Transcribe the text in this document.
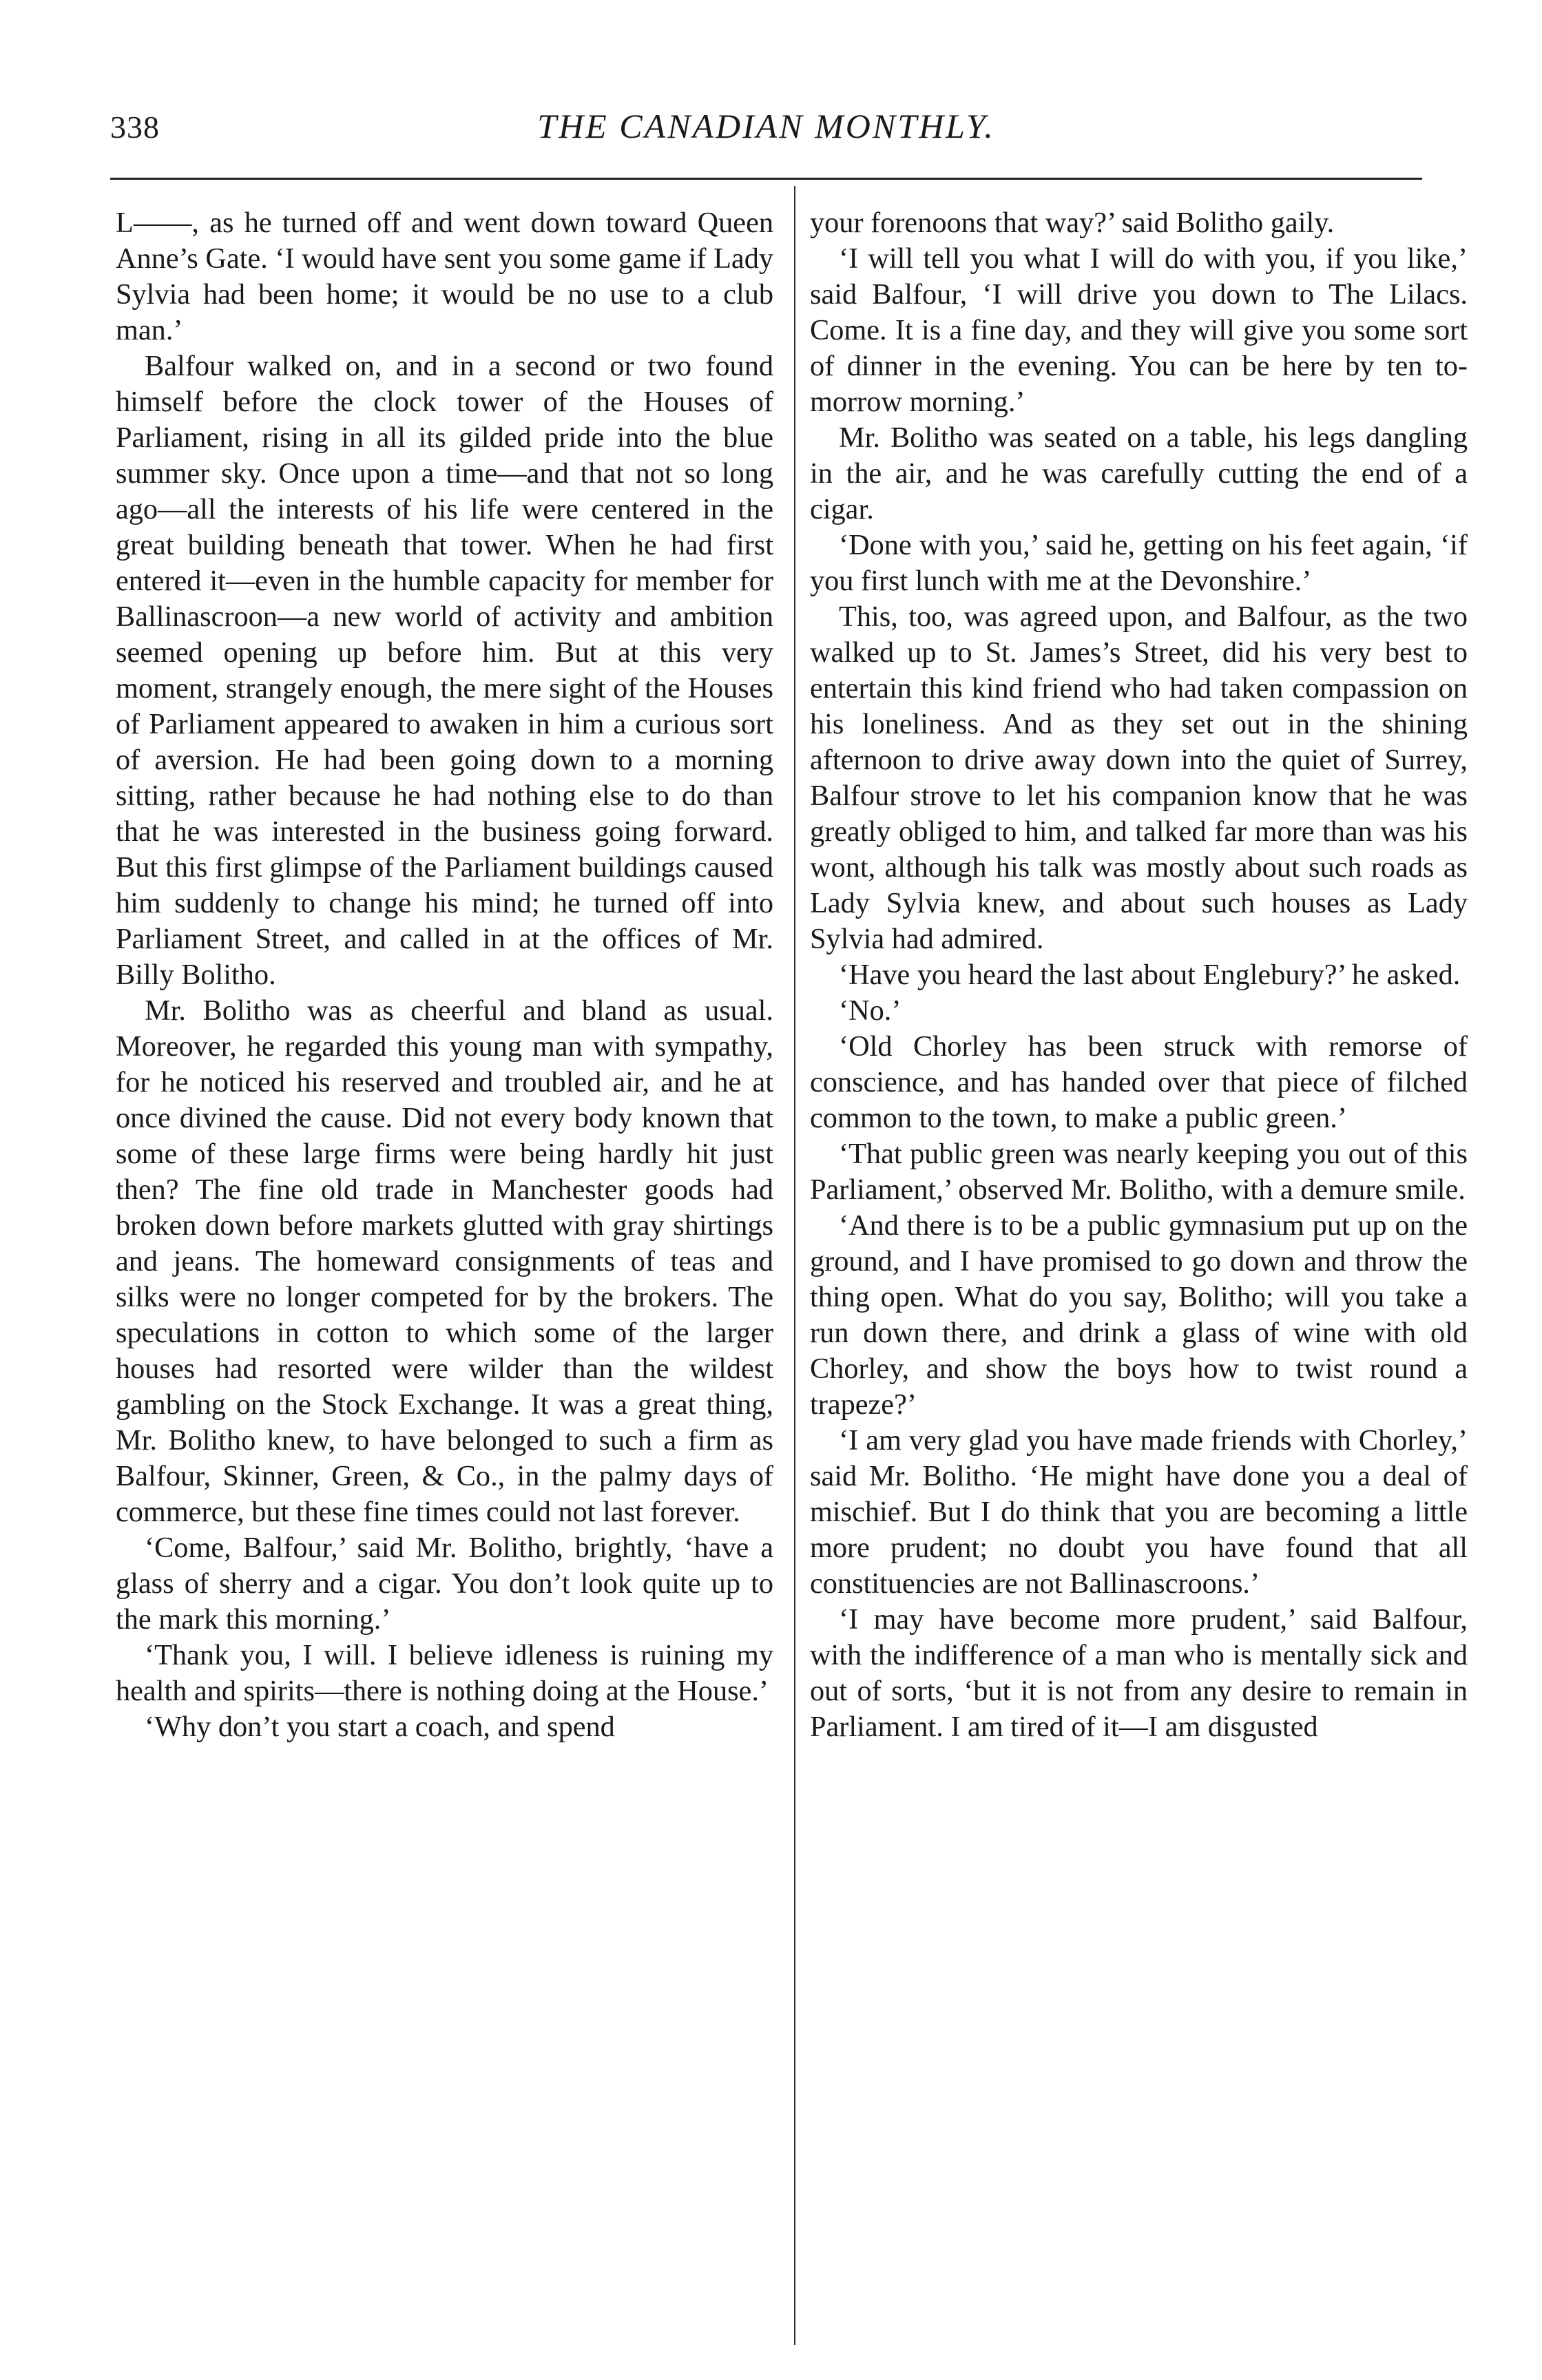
338	THE CANADIAN MONTHLY.

L——, as he turned off and went down toward Queen Anne’s Gate. ‘I would have sent you some game if Lady Sylvia had been home; it would be no use to a club man.’

Balfour walked on, and in a second or two found himself before the clock tower of the Houses of Parliament, rising in all its gilded pride into the blue summer sky. Once upon a time—and that not so long ago—all the interests of his life were centered in the great building beneath that tower. When he had first entered it—even in the humble capacity for member for Ballinascroon—a new world of activity and ambition seemed opening up before him. But at this very moment, strangely enough, the mere sight of the Houses of Parliament appeared to awaken in him a curious sort of aversion. He had been going down to a morning sitting, rather because he had nothing else to do than that he was interested in the business going forward. But this first glimpse of the Parliament buildings caused him suddenly to change his mind; he turned off into Parliament Street, and called in at the offices of Mr. Billy Bolitho.

Mr. Bolitho was as cheerful and bland as usual. Moreover, he regarded this young man with sympathy, for he noticed his reserved and troubled air, and he at once divined the cause. Did not every body known that some of these large firms were being hardly hit just then? The fine old trade in Manchester goods had broken down before markets glutted with gray shirtings and jeans. The homeward consignments of teas and silks were no longer competed for by the brokers. The speculations in cotton to which some of the larger houses had resorted were wilder than the wildest gambling on the Stock Exchange. It was a great thing, Mr. Bolitho knew, to have belonged to such a firm as Balfour, Skinner, Green, & Co., in the palmy days of commerce, but these fine times could not last forever.

‘Come, Balfour,’ said Mr. Bolitho, brightly, ‘have a glass of sherry and a cigar. You don’t look quite up to the mark this morning.’

‘Thank you, I will. I believe idleness is ruining my health and spirits—there is nothing doing at the House.’

‘Why don’t you start a coach, and spend

your forenoons that way?’ said Bolitho gaily.

‘I will tell you what I will do with you, if you like,’ said Balfour, ‘I will drive you down to The Lilacs. Come. It is a fine day, and they will give you some sort of dinner in the evening. You can be here by ten to-morrow morning.’

Mr. Bolitho was seated on a table, his legs dangling in the air, and he was carefully cutting the end of a cigar.

‘Done with you,’ said he, getting on his feet again, ‘if you first lunch with me at the Devonshire.’

This, too, was agreed upon, and Balfour, as the two walked up to St. James’s Street, did his very best to entertain this kind friend who had taken compassion on his loneliness. And as they set out in the shining afternoon to drive away down into the quiet of Surrey, Balfour strove to let his companion know that he was greatly obliged to him, and talked far more than was his wont, although his talk was mostly about such roads as Lady Sylvia knew, and about such houses as Lady Sylvia had admired.

‘Have you heard the last about Englebury?’ he asked.

‘No.’

‘Old Chorley has been struck with remorse of conscience, and has handed over that piece of filched common to the town, to make a public green.’

‘That public green was nearly keeping you out of this Parliament,’ observed Mr. Bolitho, with a demure smile.

‘And there is to be a public gymnasium put up on the ground, and I have promised to go down and throw the thing open. What do you say, Bolitho; will you take a run down there, and drink a glass of wine with old Chorley, and show the boys how to twist round a trapeze?’

‘I am very glad you have made friends with Chorley,’ said Mr. Bolitho. ‘He might have done you a deal of mischief. But I do think that you are becoming a little more prudent; no doubt you have found that all constituencies are not Ballinascroons.’

‘I may have become more prudent,’ said Balfour, with the indifference of a man who is mentally sick and out of sorts, ‘but it is not from any desire to remain in Parliament. I am tired of it—I am disgusted
